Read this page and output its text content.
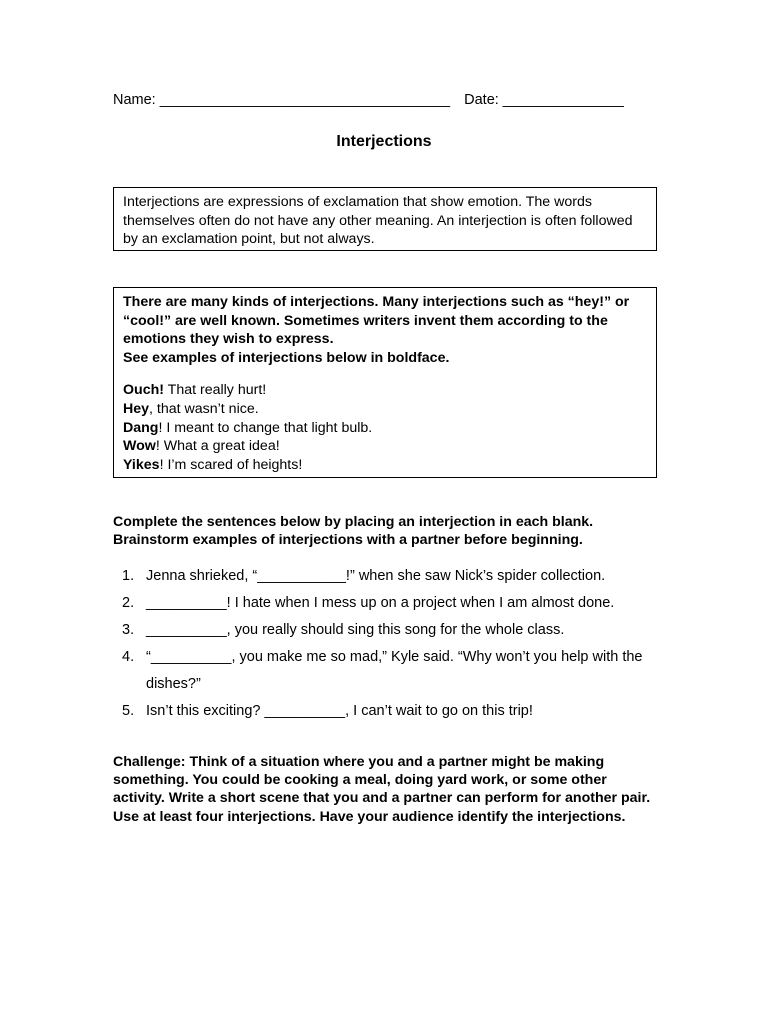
Name: ____________________________________ Date: _______________
Interjections
Interjections are expressions of exclamation that show emotion. The words themselves often do not have any other meaning. An interjection is often followed by an exclamation point, but not always.
There are many kinds of interjections. Many interjections such as “hey!” or “cool!” are well known. Sometimes writers invent them according to the emotions they wish to express.
See examples of interjections below in boldface.
Ouch! That really hurt!
Hey, that wasn’t nice.
Dang! I meant to change that light bulb.
Wow! What a great idea!
Yikes! I’m scared of heights!
Complete the sentences below by placing an interjection in each blank. Brainstorm examples of interjections with a partner before beginning.
1. Jenna shrieked, “___________!” when she saw Nick’s spider collection.
2. __________! I hate when I mess up on a project when I am almost done.
3. __________, you really should sing this song for the whole class.
4. “__________, you make me so mad,” Kyle said. “Why won’t you help with the dishes?”
5. Isn’t this exciting? __________, I can’t wait to go on this trip!
Challenge: Think of a situation where you and a partner might be making something. You could be cooking a meal, doing yard work, or some other activity. Write a short scene that you and a partner can perform for another pair. Use at least four interjections. Have your audience identify the interjections.
